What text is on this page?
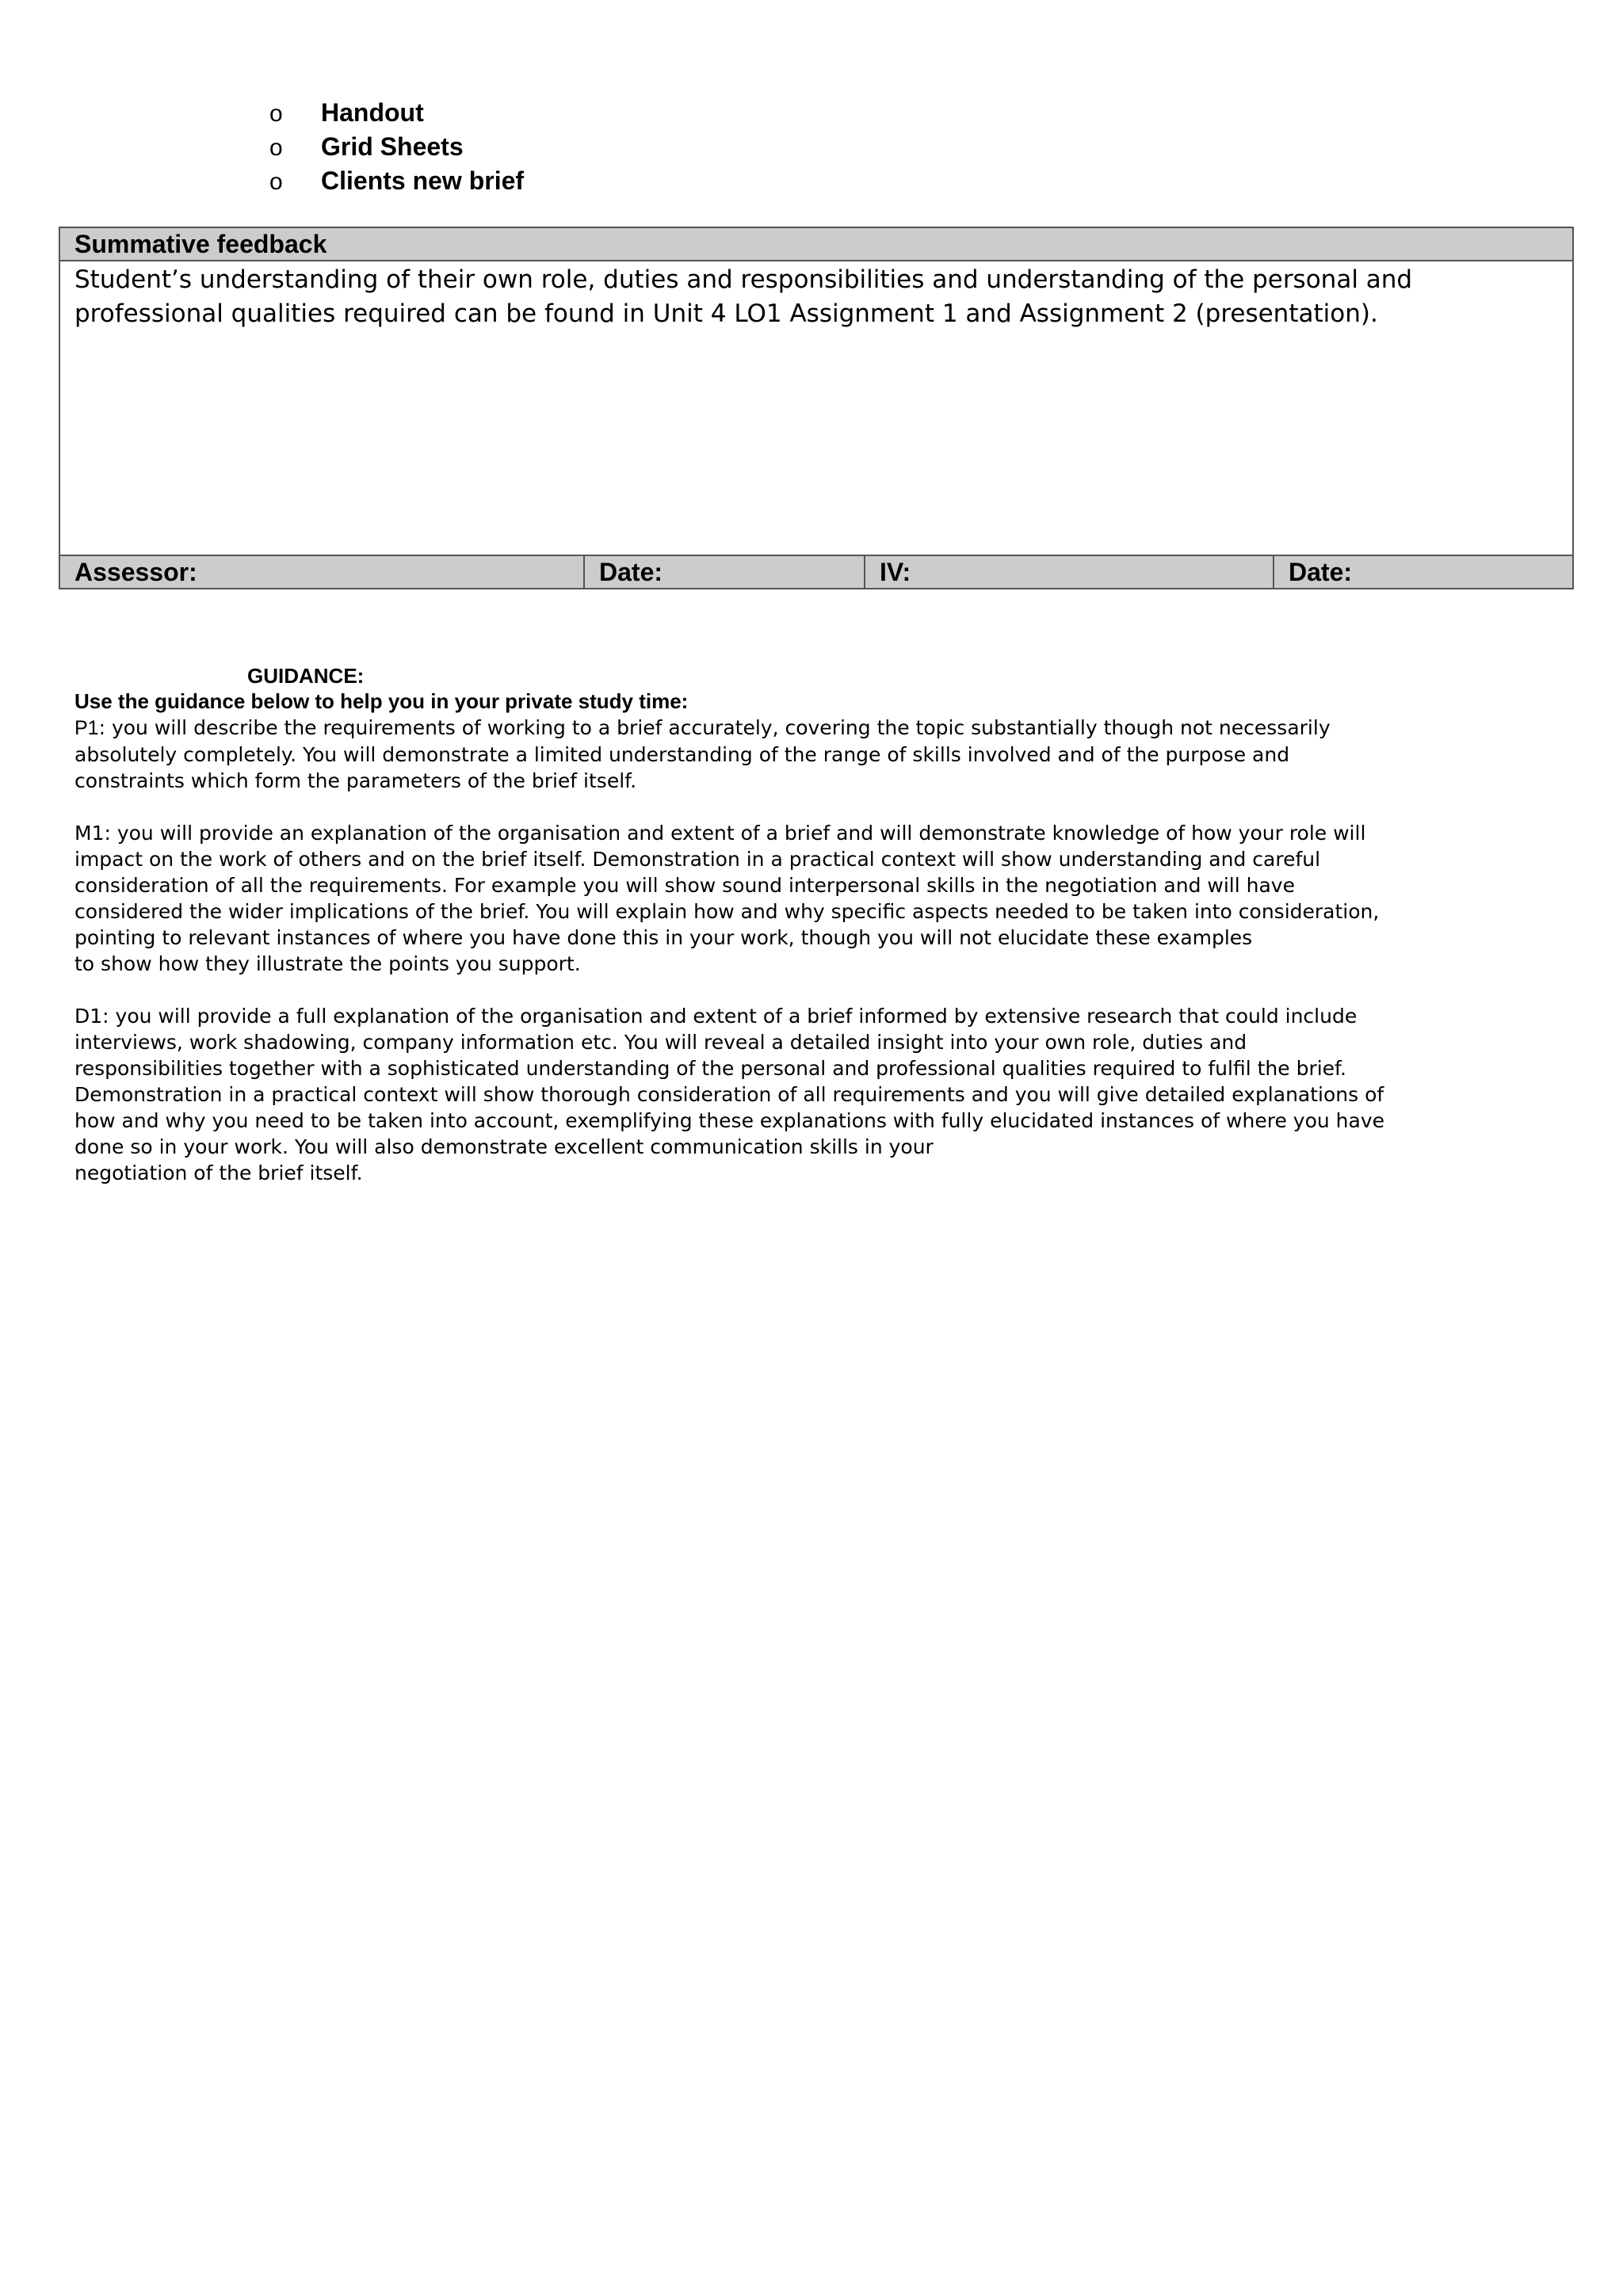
o	Handout
o	Grid Sheets
o	Clients new brief
Summative feedback
Student’s understanding of their own role, duties and responsibilities and understanding of the personal and professional qualities required can be found in Unit 4 LO1 Assignment 1 and Assignment 2 (presentation).
Assessor:	Date:	IV:	Date:
GUIDANCE:
Use the guidance below to help you in your private study time:

P1: you will describe the requirements of working to a brief accurately, covering the topic substantially though not necessarily absolutely completely. You will demonstrate a limited understanding of the range of skills involved and of the purpose and constraints which form the parameters of the brief itself.

M1: you will provide an explanation of the organisation and extent of a brief and will demonstrate knowledge of how your role will impact on the work of others and on the brief itself. Demonstration in a practical context will show understanding and careful consideration of all the requirements. For example you will show sound interpersonal skills in the negotiation and will have considered the wider implications of the brief. You will explain how and why specific aspects needed to be taken into consideration, pointing to relevant instances of where you have done this in your work, though you will not elucidate these examples
to show how they illustrate the points you support.

D1: you will provide a full explanation of the organisation and extent of a brief informed by extensive research that could include interviews, work shadowing, company information etc. You will reveal a detailed insight into your own role, duties and responsibilities together with a sophisticated understanding of the personal and professional qualities required to fulfil the brief. Demonstration in a practical context will show thorough consideration of all requirements and you will give detailed explanations of how and why you need to be taken into account, exemplifying these explanations with fully elucidated instances of where you have done so in your work. You will also demonstrate excellent communication skills in your
negotiation of the brief itself.
